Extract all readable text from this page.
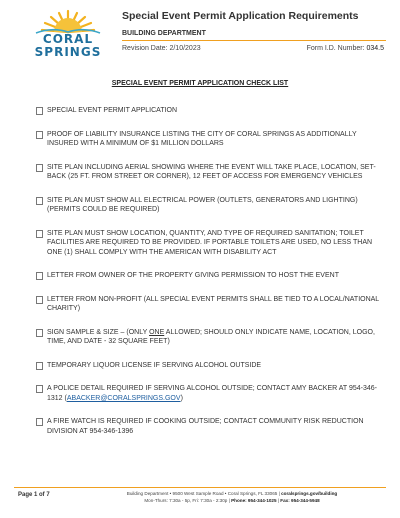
CORAL
SPRINGS
Special Event Permit Application Requirements
BUILDING DEPARTMENT
Revision Date: 2/10/2023	Form I.D. Number: 034.5
SPECIAL EVENT PERMIT APPLICATION CHECK LIST
SPECIAL EVENT PERMIT APPLICATION
PROOF OF LIABILITY INSURANCE LISTING THE CITY OF CORAL SPRINGS AS ADDITIONALLY INSURED WITH A MINIMUM OF $1 MILLION DOLLARS
SITE PLAN INCLUDING AERIAL SHOWING WHERE THE EVENT WILL TAKE PLACE, LOCATION, SET-BACK (25 FT. FROM STREET OR CORNER), 12 FEET OF ACCESS FOR EMERGENCY VEHICLES
SITE PLAN MUST SHOW ALL ELECTRICAL POWER (OUTLETS, GENERATORS AND LIGHTING) (PERMITS COULD BE REQUIRED)
SITE PLAN MUST SHOW LOCATION, QUANTITY, AND TYPE OF REQUIRED SANITATION; TOILET FACILITIES ARE REQUIRED TO BE PROVIDED. IF PORTABLE TOILETS ARE USED, NO LESS THAN ONE (1) SHALL COMPLY WITH THE AMERICAN WITH DISABILITY ACT
LETTER FROM OWNER OF THE PROPERTY GIVING PERMISSION TO HOST THE EVENT
LETTER FROM NON-PROFIT (ALL SPECIAL EVENT PERMITS SHALL BE TIED TO A LOCAL/NATIONAL CHARITY)
SIGN SAMPLE & SIZE – (ONLY ONE ALLOWED; SHOULD ONLY INDICATE NAME, LOCATION, LOGO, TIME, AND DATE - 32 SQUARE FEET)
TEMPORARY LIQUOR LICENSE IF SERVING ALCOHOL OUTSIDE
A POLICE DETAIL REQUIRED IF SERVING ALCOHOL OUTSIDE; CONTACT AMY BACKER AT 954-346-1312 (ABACKER@CORALSPRINGS.GOV)
A FIRE WATCH IS REQUIRED IF COOKING OUTSIDE; CONTACT COMMUNITY RISK REDUCTION DIVISION AT 954-346-1396
Page 1 of 7	Building Department • 9500 West Sample Road • Coral Springs, FL 33065 | coralsprings.gov/building
Mon-Thurs: 7:30a - 5p, Fri: 7:30a - 2:30p | Phone: 954-344-1025 | Fax: 954-344-5948
